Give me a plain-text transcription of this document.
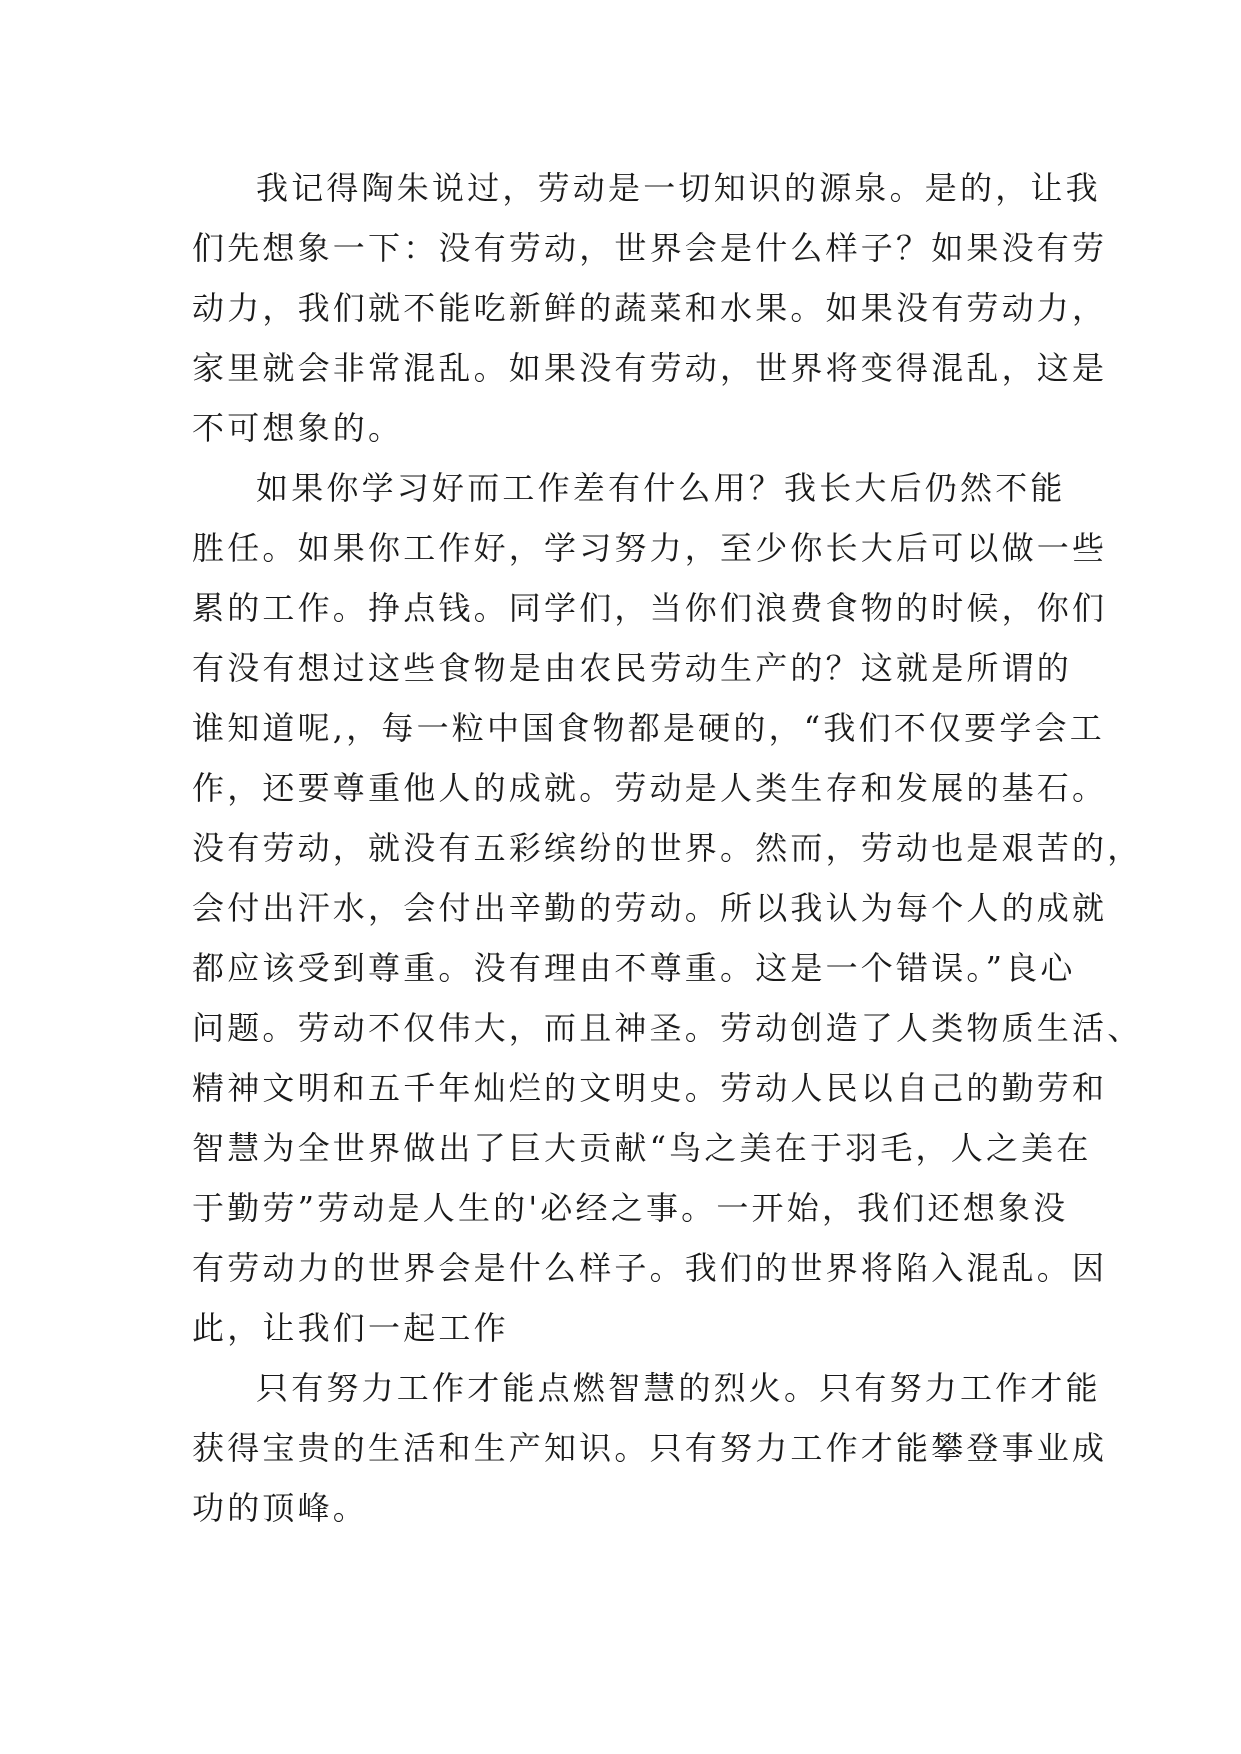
我记得陶朱说过，劳动是一切知识的源泉。是的，让我
们先想象一下：没有劳动，世界会是什么样子？如果没有劳
动力，我们就不能吃新鲜的蔬菜和水果。如果没有劳动力，
家里就会非常混乱。如果没有劳动，世界将变得混乱，这是
不可想象的。
如果你学习好而工作差有什么用？我长大后仍然不能
胜任。如果你工作好，学习努力，至少你长大后可以做一些
累的工作。挣点钱。同学们，当你们浪费食物的时候，你们
有没有想过这些食物是由农民劳动生产的？这就是所谓的
谁知道呢,，每一粒中国食物都是硬的，“我们不仅要学会工
作，还要尊重他人的成就。劳动是人类生存和发展的基石。
没有劳动，就没有五彩缤纷的世界。然而，劳动也是艰苦的，
会付出汗水，会付出辛勤的劳动。所以我认为每个人的成就
都应该受到尊重。没有理由不尊重。这是一个错误。”良心
问题。劳动不仅伟大，而且神圣。劳动创造了人类物质生活、
精神文明和五千年灿烂的文明史。劳动人民以自己的勤劳和
智慧为全世界做出了巨大贡献“鸟之美在于羽毛，人之美在
于勤劳”劳动是人生的'必经之事。一开始，我们还想象没
有劳动力的世界会是什么样子。我们的世界将陷入混乱。因
此，让我们一起工作
只有努力工作才能点燃智慧的烈火。只有努力工作才能
获得宝贵的生活和生产知识。只有努力工作才能攀登事业成
功的顶峰。
